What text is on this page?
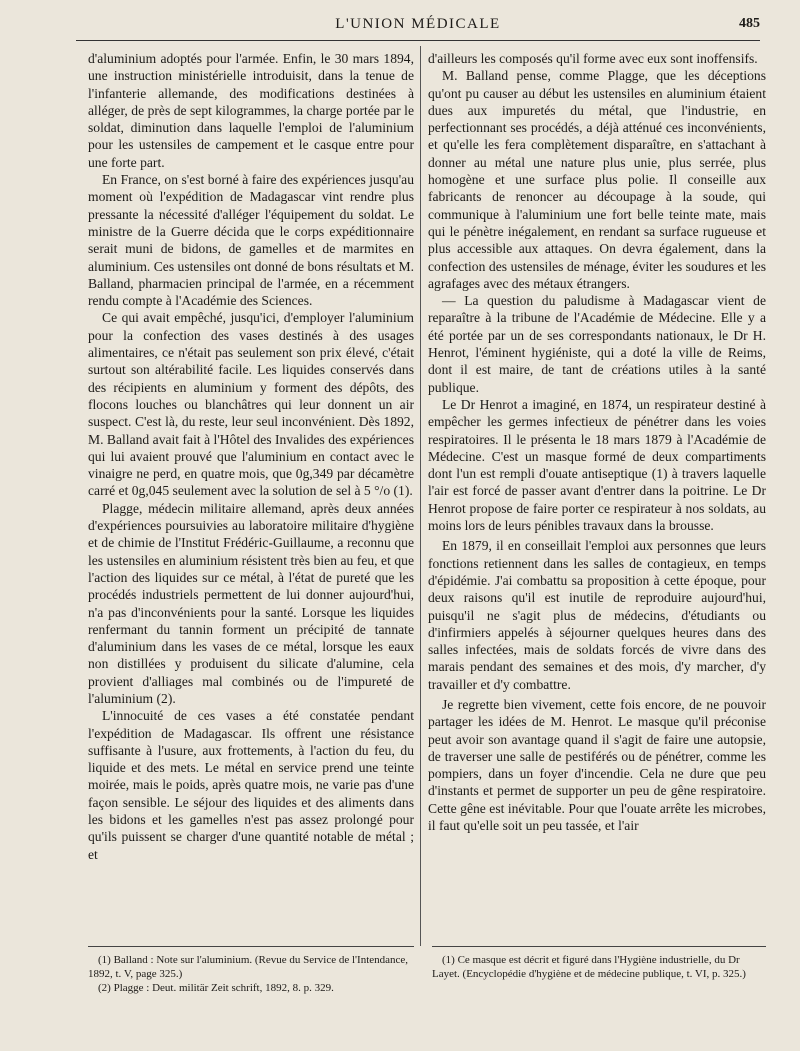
L'UNION MÉDICALE	485

d'aluminium adoptés pour l'armée. Enfin, le 30 mars 1894, une instruction ministérielle introduisit, dans la tenue de l'infanterie allemande, des modifications destinées à alléger, de près de sept kilogrammes, la charge portée par le soldat, diminution dans laquelle l'emploi de l'aluminium pour les ustensiles de campement et le casque entre pour une forte part.

En France, on s'est borné à faire des expériences jusqu'au moment où l'expédition de Madagascar vint rendre plus pressante la nécessité d'alléger l'équipement du soldat. Le ministre de la Guerre décida que le corps expéditionnaire serait muni de bidons, de gamelles et de marmites en aluminium. Ces ustensiles ont donné de bons résultats et M. Balland, pharmacien principal de l'armée, en a récemment rendu compte à l'Académie des Sciences.

Ce qui avait empêché, jusqu'ici, d'employer l'aluminium pour la confection des vases destinés à des usages alimentaires, ce n'était pas seulement son prix élevé, c'était surtout son altérabilité facile. Les liquides conservés dans des récipients en aluminium y forment des dépôts, des flocons louches ou blanchâtres qui leur donnent un air suspect. C'est là, du reste, leur seul inconvénient. Dès 1892, M. Balland avait fait à l'Hôtel des Invalides des expériences qui lui avaient prouvé que l'aluminium en contact avec le vinaigre ne perd, en quatre mois, que 0g,349 par décamètre carré et 0g,045 seulement avec la solution de sel à 5 °/o (1).

Plagge, médecin militaire allemand, après deux années d'expériences poursuivies au laboratoire militaire d'hygiène et de chimie de l'Institut Frédéric-Guillaume, a reconnu que les ustensiles en aluminium résistent très bien au feu, et que l'action des liquides sur ce métal, à l'état de pureté que les procédés industriels permettent de lui donner aujourd'hui, n'a pas d'inconvénients pour la santé. Lorsque les liquides renfermant du tannin forment un précipité de tannate d'aluminium dans les vases de ce métal, lorsque les eaux non distillées y produisent du silicate d'alumine, cela provient d'alliages mal combinés ou de l'impureté de l'aluminium (2).

L'innocuité de ces vases a été constatée pendant l'expédition de Madagascar. Ils offrent une résistance suffisante à l'usure, aux frottements, à l'action du feu, du liquide et des mets. Le métal en service prend une teinte moirée, mais le poids, après quatre mois, ne varie pas d'une façon sensible. Le séjour des liquides et des aliments dans les bidons et les gamelles n'est pas assez prolongé pour qu'ils puissent se charger d'une quantité notable de métal ; et

d'ailleurs les composés qu'il forme avec eux sont inoffensifs.

M. Balland pense, comme Plagge, que les déceptions qu'ont pu causer au début les ustensiles en aluminium étaient dues aux impuretés du métal, que l'industrie, en perfectionnant ses procédés, a déjà atténué ces inconvénients, et qu'elle les fera complètement disparaître, en s'attachant à donner au métal une nature plus unie, plus serrée, plus homogène et une surface plus polie. Il conseille aux fabricants de renoncer au découpage à la soude, qui communique à l'aluminium une fort belle teinte mate, mais qui le pénètre inégalement, en rendant sa surface rugueuse et plus accessible aux attaques. On devra également, dans la confection des ustensiles de ménage, éviter les soudures et les agrafages avec des métaux étrangers.

— La question du paludisme à Madagascar vient de reparaître à la tribune de l'Académie de Médecine. Elle y a été portée par un de ses correspondants nationaux, le Dr H. Henrot, l'éminent hygiéniste, qui a doté la ville de Reims, dont il est maire, de tant de créations utiles à la santé publique.

Le Dr Henrot a imaginé, en 1874, un respirateur destiné à empêcher les germes infectieux de pénétrer dans les voies respiratoires. Il le présenta le 18 mars 1879 à l'Académie de Médecine. C'est un masque formé de deux compartiments dont l'un est rempli d'ouate antiseptique (1) à travers laquelle l'air est forcé de passer avant d'entrer dans la poitrine. Le Dr Henrot propose de faire porter ce respirateur à nos soldats, au moins lors de leurs pénibles travaux dans la brousse.

En 1879, il en conseillait l'emploi aux personnes que leurs fonctions retiennent dans les salles de contagieux, en temps d'épidémie. J'ai combattu sa proposition à cette époque, pour deux raisons qu'il est inutile de reproduire aujourd'hui, puisqu'il ne s'agit plus de médecins, d'étudiants ou d'infirmiers appelés à séjourner quelques heures dans des salles infectées, mais de soldats forcés de vivre dans des marais pendant des semaines et des mois, d'y marcher, d'y travailler et d'y combattre.

Je regrette bien vivement, cette fois encore, de ne pouvoir partager les idées de M. Henrot. Le masque qu'il préconise peut avoir son avantage quand il s'agit de faire une autopsie, de traverser une salle de pestiférés ou de pénétrer, comme les pompiers, dans un foyer d'incendie. Cela ne dure que peu d'instants et permet de supporter un peu de gêne respiratoire. Cette gêne est inévitable. Pour que l'ouate arrête les microbes, il faut qu'elle soit un peu tassée, et l'air

(1) Balland : Note sur l'aluminium. (Revue du Service de l'Intendance, 1892, t. V, page 325.)

(2) Plagge : Deut. militär Zeit schrift, 1892, 8. p. 329.

(1) Ce masque est décrit et figuré dans l'Hygiène industrielle, du Dr Layet. (Encyclopédie d'hygiène et de médecine publique, t. VI, p. 325.)
